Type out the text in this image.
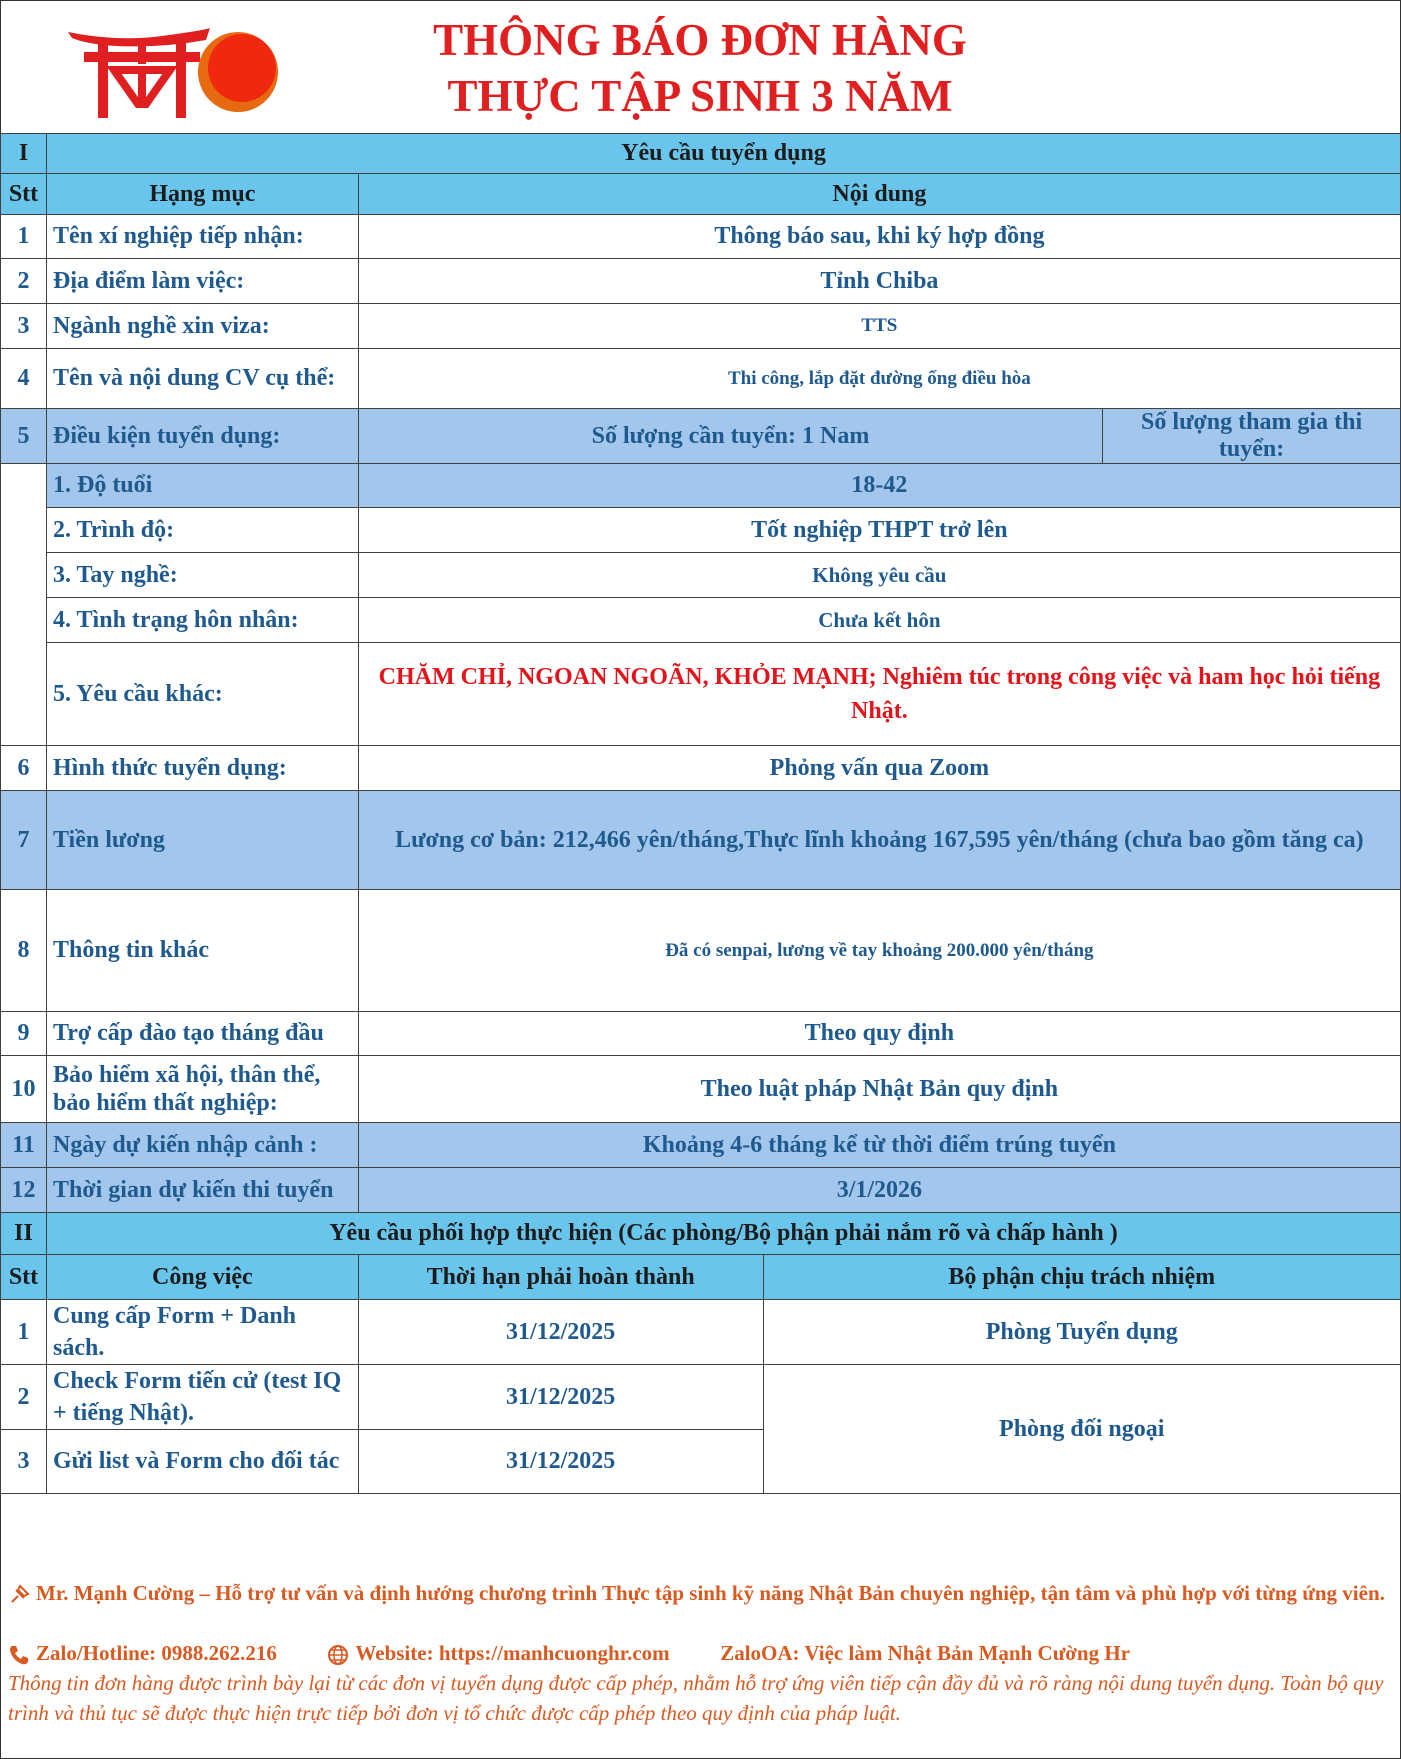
THÔNG BÁO ĐƠN HÀNG
THỰC TẬP SINH 3 NĂM
I	Yêu cầu tuyển dụng			
Stt	Hạng mục	Nội dung		
1	Tên xí nghiệp tiếp nhận:	Thông báo sau, khi ký hợp đồng		
2	Địa điểm làm việc:	Tỉnh Chiba		
3	Ngành nghề xin viza:	TTS		
4	Tên và nội dung CV cụ thể:	Thi công, lắp đặt đường ống điều hòa		
5	Điều kiện tuyển dụng:	Số lượng cần tuyển: 1 Nam		Số lượng tham gia thi tuyển:
	1. Độ tuổi	18-42		
	2. Trình độ:	Tốt nghiệp THPT trở lên		
	3. Tay nghề:	Không yêu cầu		
	4. Tình trạng hôn nhân:	Chưa kết hôn		
	5. Yêu cầu khác:	CHĂM CHỈ, NGOAN NGOÃN, KHỎE MẠNH; Nghiêm túc trong công việc và ham học hỏi tiếng Nhật.		
6	Hình thức tuyển dụng:	Phỏng vấn qua Zoom		
7	Tiền lương	Lương cơ bản: 212,466 yên/tháng,Thực lĩnh khoảng 167,595 yên/tháng (chưa bao gồm tăng ca)		
8	Thông tin khác	Đã có senpai, lương về tay khoảng 200.000 yên/tháng		
9	Trợ cấp đào tạo tháng đầu	Theo quy định		
10	Bảo hiểm xã hội, thân thể, bảo hiểm thất nghiệp:	Theo luật pháp Nhật Bản quy định		
11	Ngày dự kiến nhập cảnh :	Khoảng 4-6 tháng kể từ thời điểm trúng tuyển		
12	Thời gian dự kiến thi tuyển	3/1/2026		
II	Yêu cầu phối hợp thực hiện (Các phòng/Bộ phận phải nắm rõ và chấp hành )			
Stt	Công việc	Thời hạn phải hoàn thành	Bộ phận chịu trách nhiệm	
1	Cung cấp Form + Danh sách.	31/12/2025	Phòng Tuyển dụng	
2	Check Form tiến cử (test IQ + tiếng Nhật).	31/12/2025	Phòng đối ngoại	
3	Gửi list và Form cho đối tác	31/12/2025		
Mr. Mạnh Cường – Hỗ trợ tư vấn và định hướng chương trình Thực tập sinh kỹ năng Nhật Bản chuyên nghiệp, tận tâm và phù hợp với từng ứng viên.
Zalo/Hotline: 0988.262.216	Website: https://manhcuonghr.com ZaloOA: Việc làm Nhật Bản Mạnh Cường Hr
Thông tin đơn hàng được trình bày lại từ các đơn vị tuyển dụng được cấp phép, nhằm hỗ trợ ứng viên tiếp cận đầy đủ và rõ ràng nội dung tuyển dụng. Toàn bộ quy trình và thủ tục sẽ được thực hiện trực tiếp bởi đơn vị tổ chức được cấp phép theo quy định của pháp luật.
